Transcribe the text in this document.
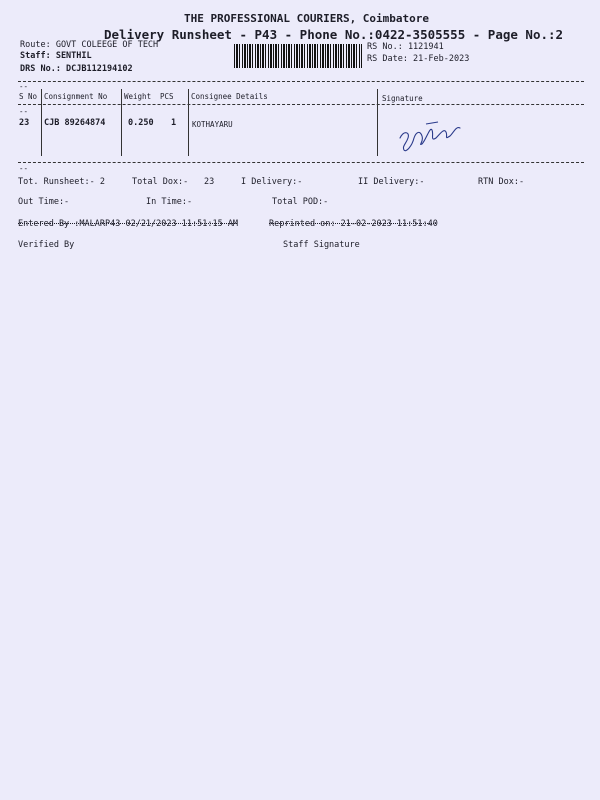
THE PROFESSIONAL COURIERS, Coimbatore
Delivery Runsheet - P43 - Phone No.:0422-3505555 - Page No.:2
Route: GOVT COLEEGE OF TECH
Staff: SENTHIL
DRS No.: DCJB112194102
RS No.: 1121941
RS Date: 21-Feb-2023
--
S No Consignment No Weight PCS Consignee Details	Signature
--
23 CJB 89264874	0.250 1 KOTHAYARU
--
Tot. Runsheet:- 2	Total Dox:- 23	I Delivery:-	II Delivery:-	RTN Dox:-
Out Time:-	In Time:-	Total POD:-
Entered By :MALARP43 02/21/2023 11:51:15 AM	Reprinted on: 21-02-2023 11:51:40
Verified By	Staff Signature
